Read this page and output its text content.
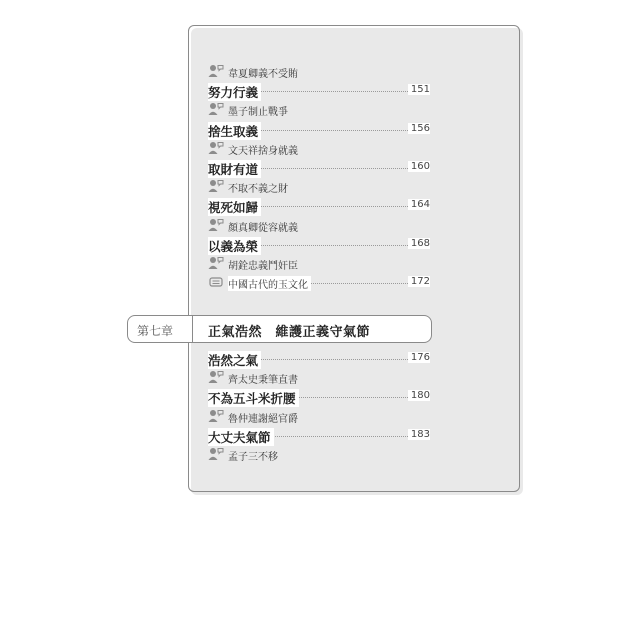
韋夏卿義不受賄
努力行義	151
墨子制止戰爭
捨生取義	156
文天祥捨身就義
取財有道	160
不取不義之財
視死如歸	164
顏真卿從容就義
以義為榮	168
胡銓忠義鬥奸臣
中國古代的玉文化	172
第七章	正氣浩然　維護正義守氣節
浩然之氣	176
齊太史秉筆直書
不為五斗米折腰	180
魯仲連謝絕官爵
大丈夫氣節	183
孟子三不移
